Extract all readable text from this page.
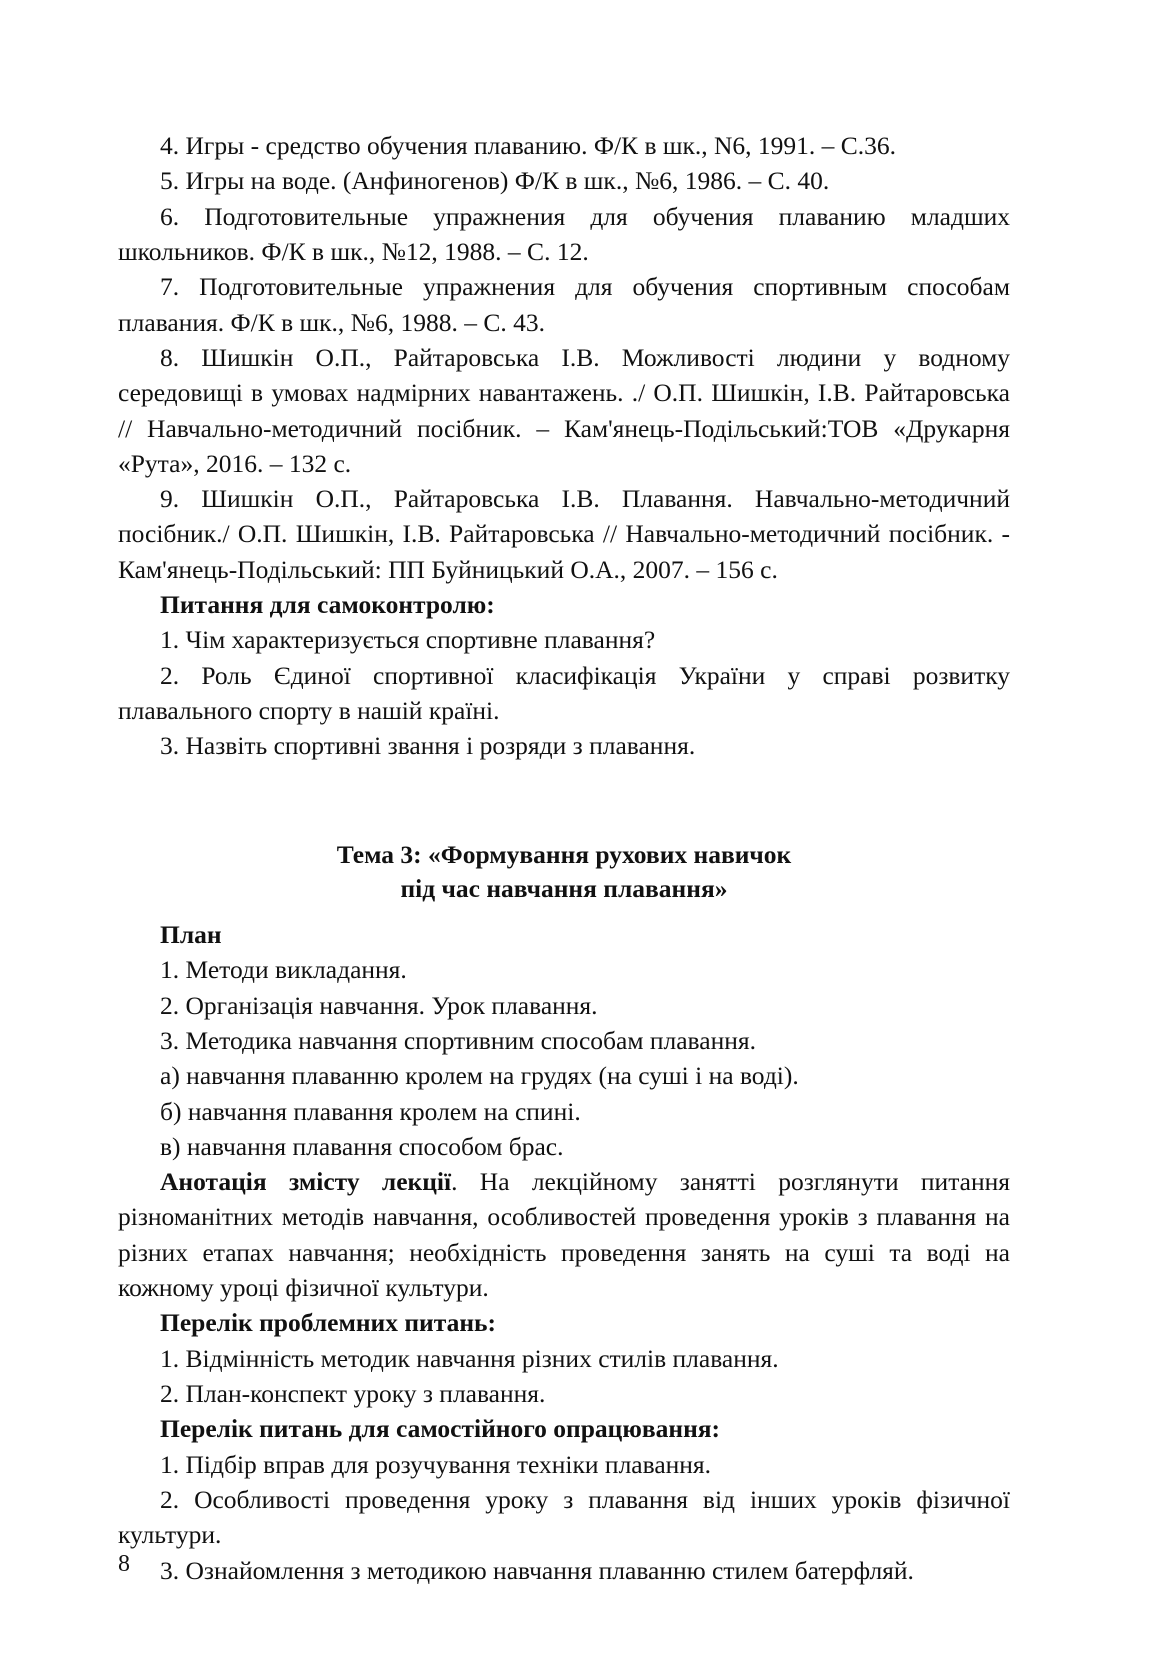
4. Игры - средство обучения плаванию. Ф/К в шк., N6, 1991. – С.36.

5. Игры на воде. (Анфиногенов) Ф/К в шк., №6, 1986. – С. 40.

6. Подготовительные упражнения для обучения плаванию младших школьников. Ф/К в шк., №12, 1988. – С. 12.

7. Подготовительные упражнения для обучения спортивным способам плавания. Ф/К в шк., №6, 1988. – С. 43.

8. Шишкін О.П., Райтаровська І.В. Можливості людини у водному середовищі в умовах надмірних навантажень. ./ О.П. Шишкін, І.В. Райтаровська // Навчально-методичний посібник. – Кам'янець-Подільський:ТОВ «Друкарня «Рута», 2016. – 132 с.

9. Шишкін О.П., Райтаровська І.В. Плавання. Навчально-методичний посібник./ О.П. Шишкін, І.В. Райтаровська // Навчально-методичний посібник. - Кам'янець-Подільський: ПП Буйницький О.А., 2007. – 156 с.

Питання для самоконтролю:

1. Чім характеризується спортивне плавання?

2. Роль Єдиної спортивної класифікація України у справі розвитку плавального спорту в нашій країні.

3. Назвіть спортивні звання і розряди з плавання.

Тема 3: «Формування рухових навичок

під час навчання плавання»

План

1. Методи викладання.

2. Організація навчання. Урок плавання.

3. Методика навчання спортивним способам плавання.

а) навчання плаванню кролем на грудях (на суші і на воді).

б) навчання плавання кролем на спині.

в) навчання плавання способом брас.

Анотація змісту лекції. На лекційному занятті розглянути питання різноманітних методів навчання, особливостей проведення уроків з плавання на різних етапах навчання; необхідність проведення занять на суші та воді на кожному уроці фізичної культури.

Перелік проблемних питань:

1. Відмінність методик навчання різних стилів плавання.

2. План-конспект уроку з плавання.

Перелік питань для самостійного опрацювання:

1. Підбір вправ для розучування техніки плавання.

2. Особливості проведення уроку з плавання від інших уроків фізичної культури.

3. Ознайомлення з методикою навчання плаванню стилем батерфляй.

8
